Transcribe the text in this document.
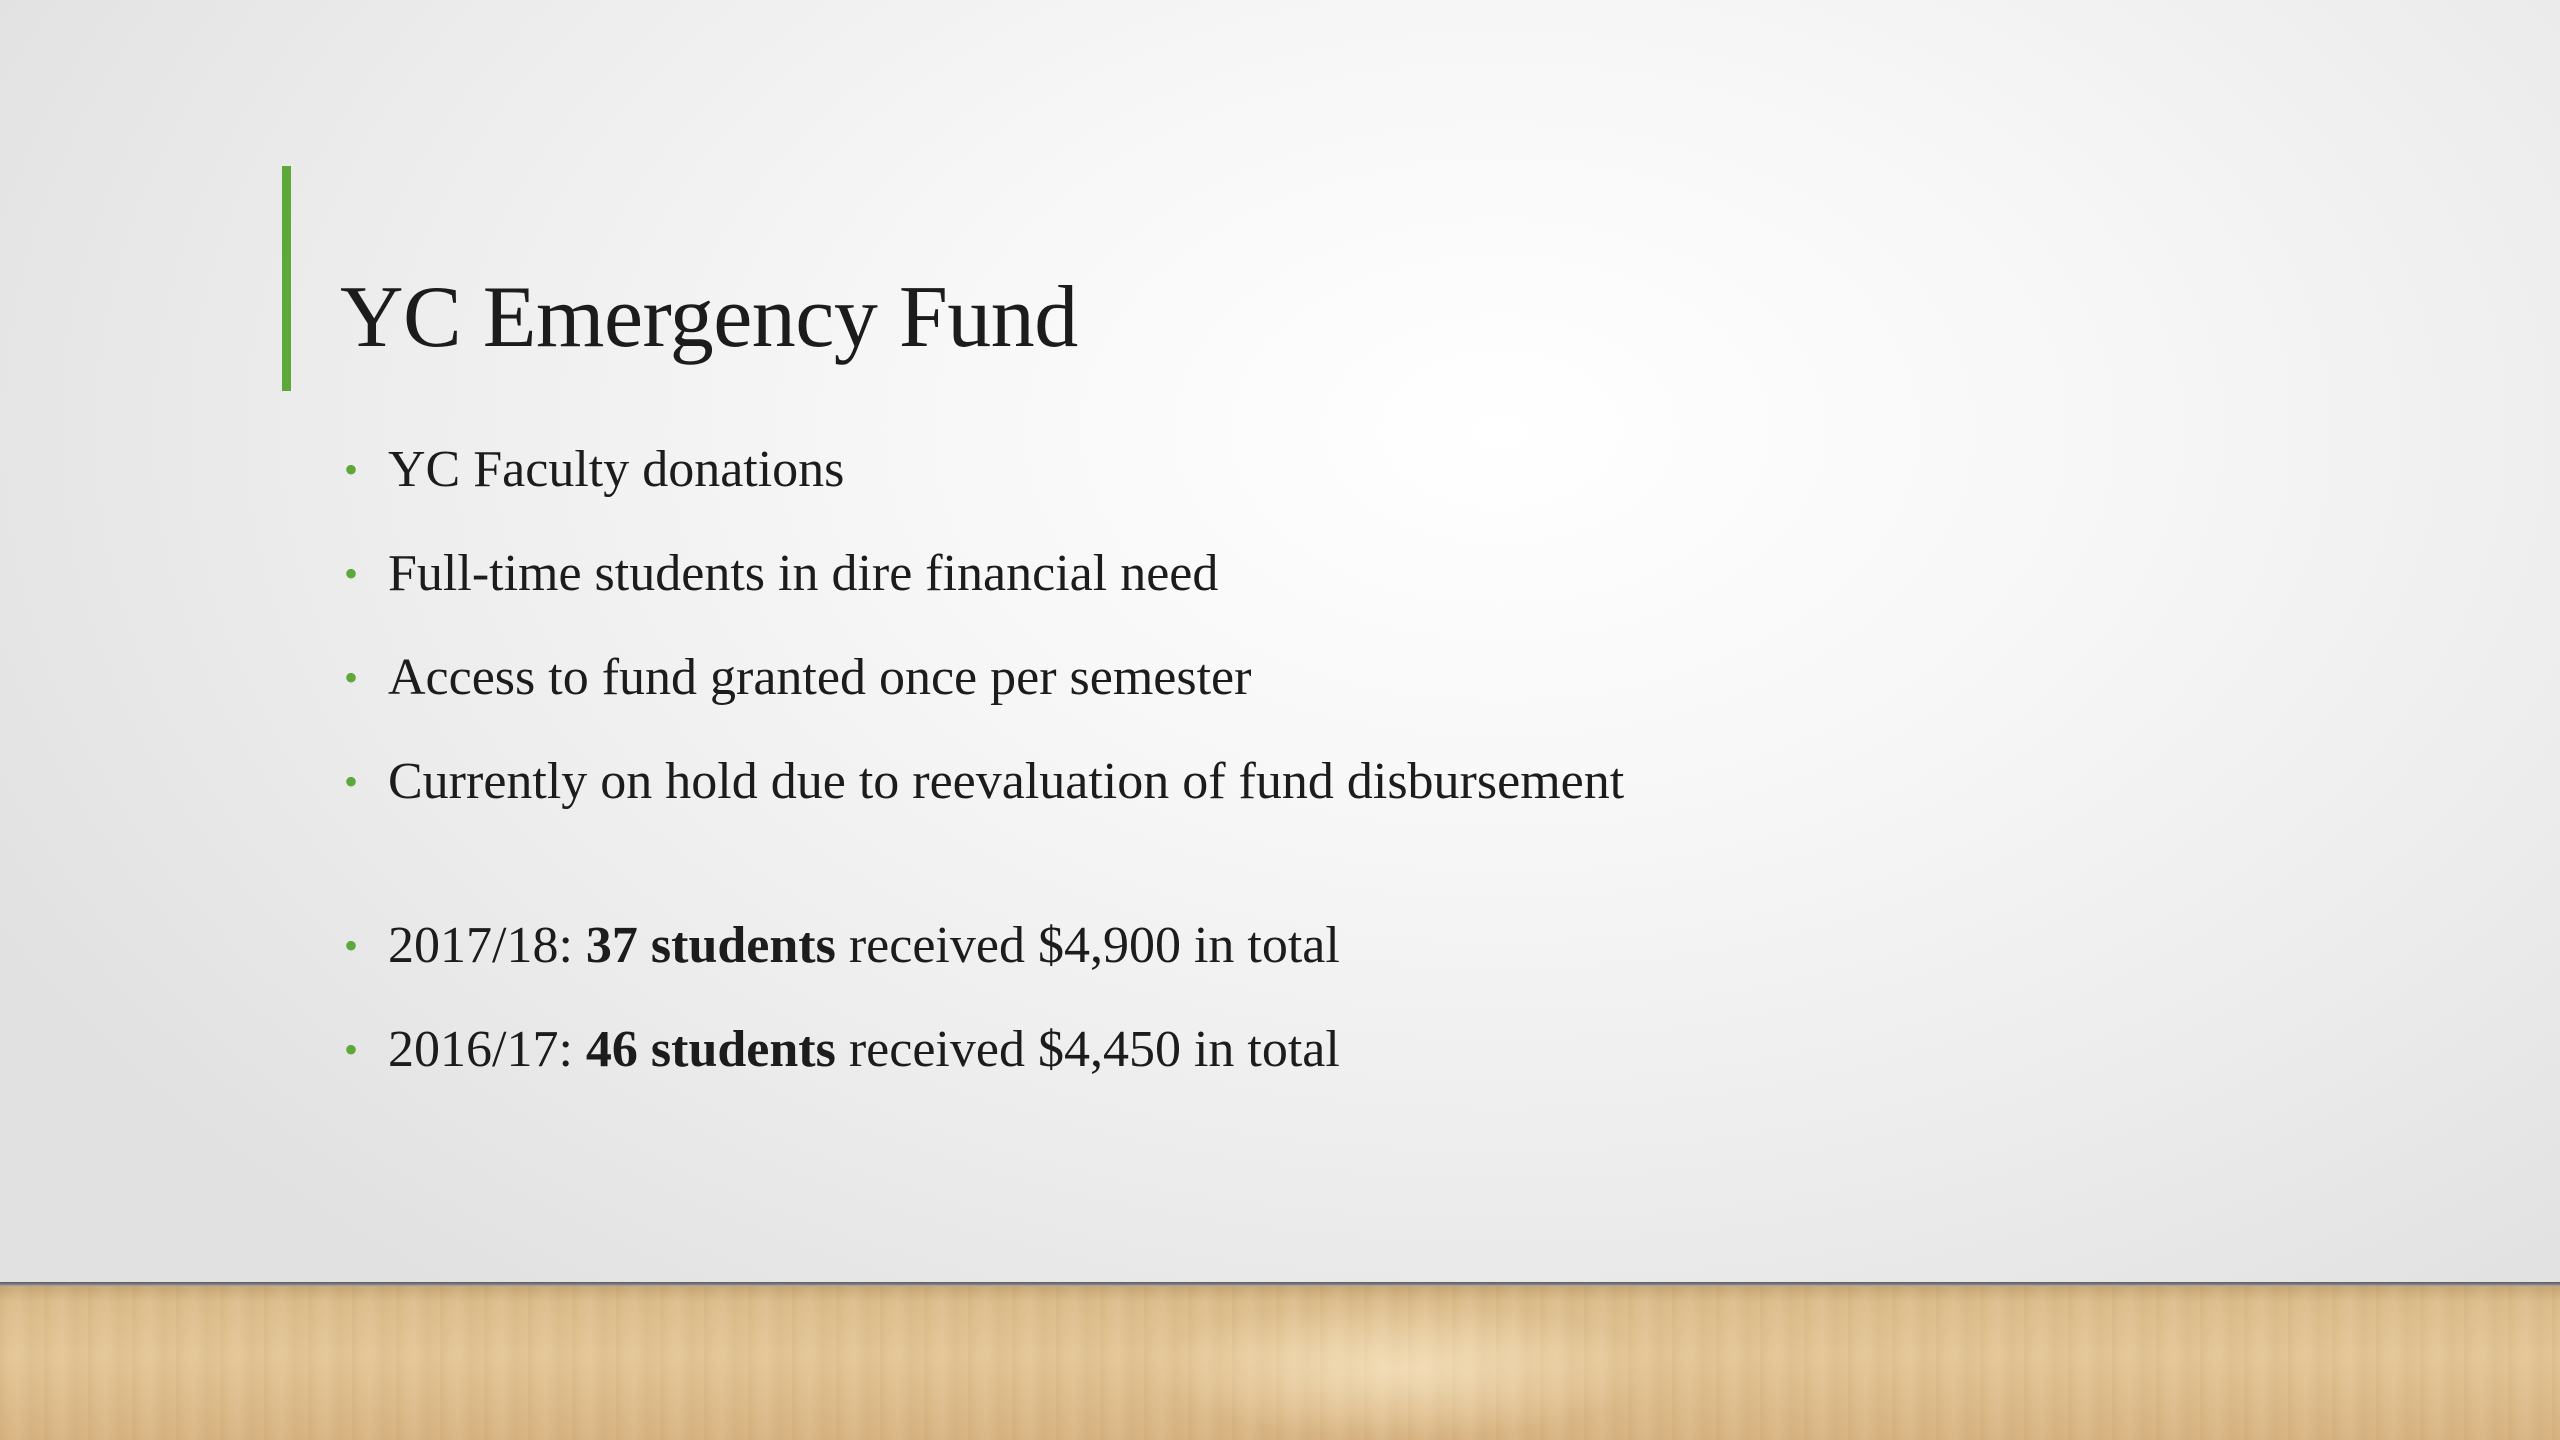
YC Emergency Fund
• YC Faculty donations
• Full-time students in dire financial need
• Access to fund granted once per semester
• Currently on hold due to reevaluation of fund disbursement
• 2017/18: 37 students received $4,900 in total
• 2016/17: 46 students received $4,450 in total
